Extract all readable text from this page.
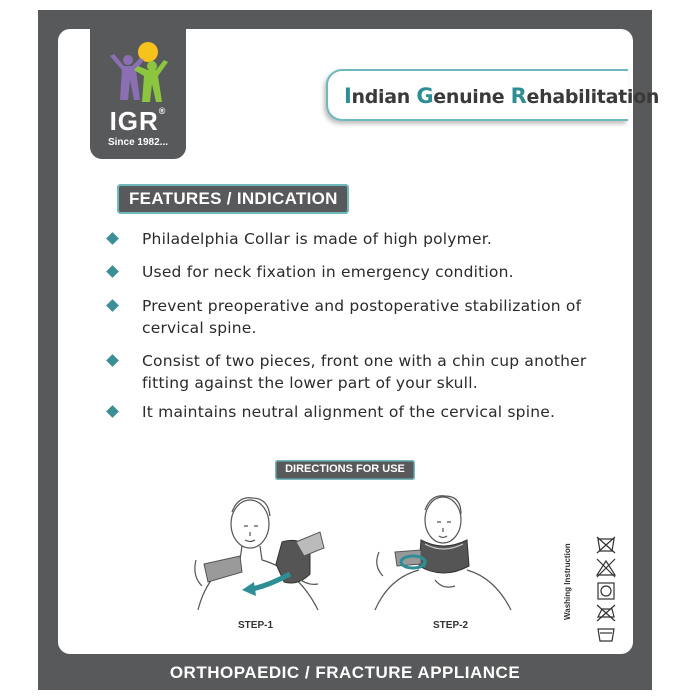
IGR®
Since 1982...
Indian Genuine Rehabilitation
FEATURES / INDICATION
Philadelphia Collar is made of high polymer.
Used for neck fixation in emergency condition.
Prevent preoperative and postoperative stabilization of cervical spine.
Consist of two pieces, front one with a chin cup another fitting against the lower part of your skull.
It maintains neutral alignment of the cervical spine.
DIRECTIONS FOR USE
STEP-1	STEP-2
Washing Instruction
ORTHOPAEDIC / FRACTURE APPLIANCE
